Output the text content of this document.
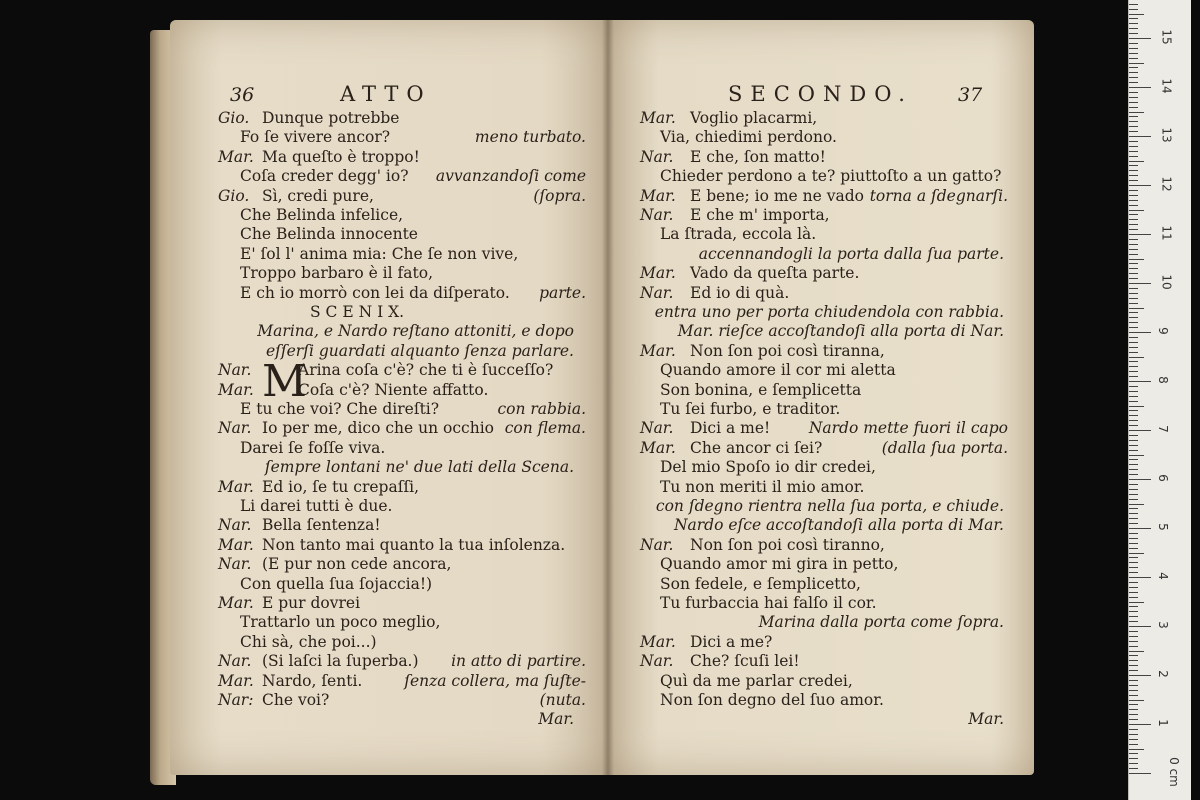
36	ATTO
Gio. Dunque potrebbe
Fo ſe vivere ancor?	meno turbato.
Mar. Ma queſto è troppo!
Coſa creder degg' io? avvanzandoſi come
Gio. Sì, credi pure,	(ſopra.
Che Belinda infelice,
Che Belinda innocente
E' ſol l' anima mia: Che ſe non vive,
Troppo barbaro è il fato,
E ch io morrò con lei da diſperato. parte.
S C E N I X.
Marina, e Nardo reſtano attoniti, e dopo
eſſerſi guardati alquanto ſenza parlare.
Nar.	Arina coſa c'è? che ti è ſucceſſo?
Mar.	Coſa c'è? Niente affatto.
E tu che voi? Che direſti?	con rabbia.
Nar. Io per me, dico che un occhio con flema.
Darei ſe foſſe viva.
ſempre lontani ne' due lati della Scena.
Mar. Ed io, ſe tu crepaſſi,
Li darei tutti è due.
Nar. Bella ſentenza!
Mar. Non tanto mai quanto la tua inſolenza.
Nar. (E pur non cede ancora,
Con quella ſua ſojaccia!)
Mar. E pur dovrei
Trattarlo un poco meglio,
Chi sà, che poi...)
Nar. (Si laſci la ſuperba.) in atto di partire.
Mar. Nardo, ſenti.	ſenza collera, ma ſuſte-
Nar: Che voi?	(nuta.
Mar.
M
SECONDO. 37
Mar. Voglio placarmi,
Via, chiedimi perdono.
Nar. E che, ſon matto!
Chieder perdono a te? piuttoſto a un gatto?
Mar. E bene; io me ne vado torna a ſdegnarſi.
Nar. E che m' importa,
La ſtrada, eccola là.
accennandogli la porta dalla ſua parte.
Mar. Vado da queſta parte.
Nar. Ed io di quà.
entra uno per porta chiudendola con rabbia.
Mar. rieſce accoſtandoſi alla porta di Nar.
Mar. Non ſon poi così tiranna,
Quando amore il cor mi aletta
Son bonina, e ſemplicetta
Tu ſei furbo, e traditor.
Nar. Dici a me! Nardo mette fuori il capo
Mar. Che ancor ci ſei?	(dalla ſua porta.
Del mio Spoſo io dir credei,
Tu non meriti il mio amor.
con ſdegno rientra nella ſua porta, e chiude.
Nardo eſce accoſtandoſi alla porta di Mar.
Nar. Non ſon poi così tiranno,
Quando amor mi gira in petto,
Son fedele, e ſemplicetto,
Tu furbaccia hai falſo il cor.
Marina dalla porta come ſopra.
Mar. Dici a me?
Nar. Che? ſcuſi lei!
Quì da me parlar credei,
Non ſon degno del ſuo amor.
Mar.
0 cm
1
2
3
4
5
6
7
8
9
10
11
12
13
14
15
